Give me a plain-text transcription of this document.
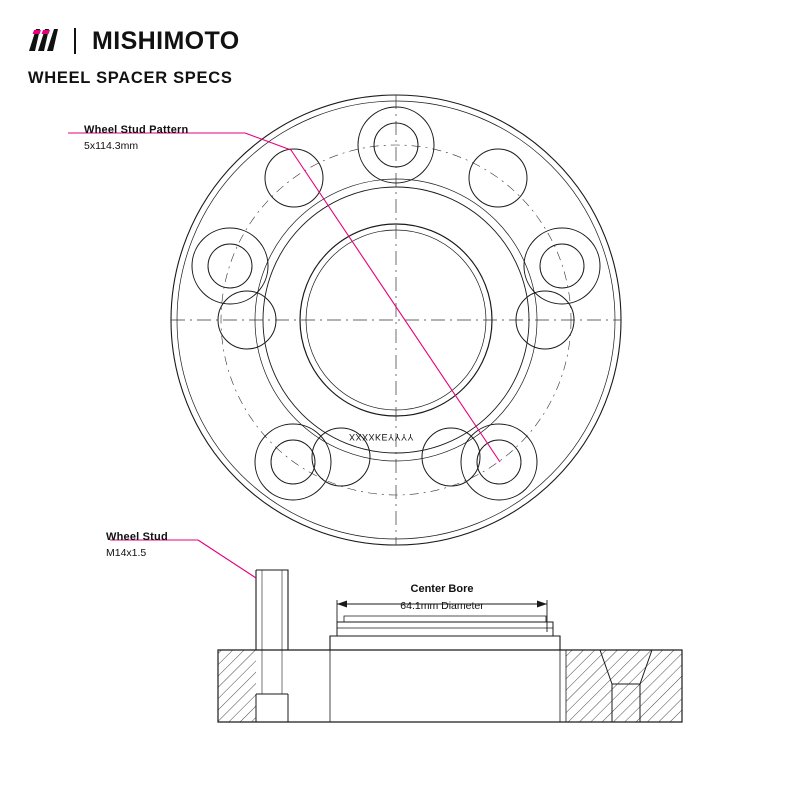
MISHIMOTO
WHEEL SPACER SPECS
Wheel Stud Pattern
5x114.3mm
Wheel Stud
M14x1.5
Center Bore
64.1mm Diameter
XXXXKEYYYY
